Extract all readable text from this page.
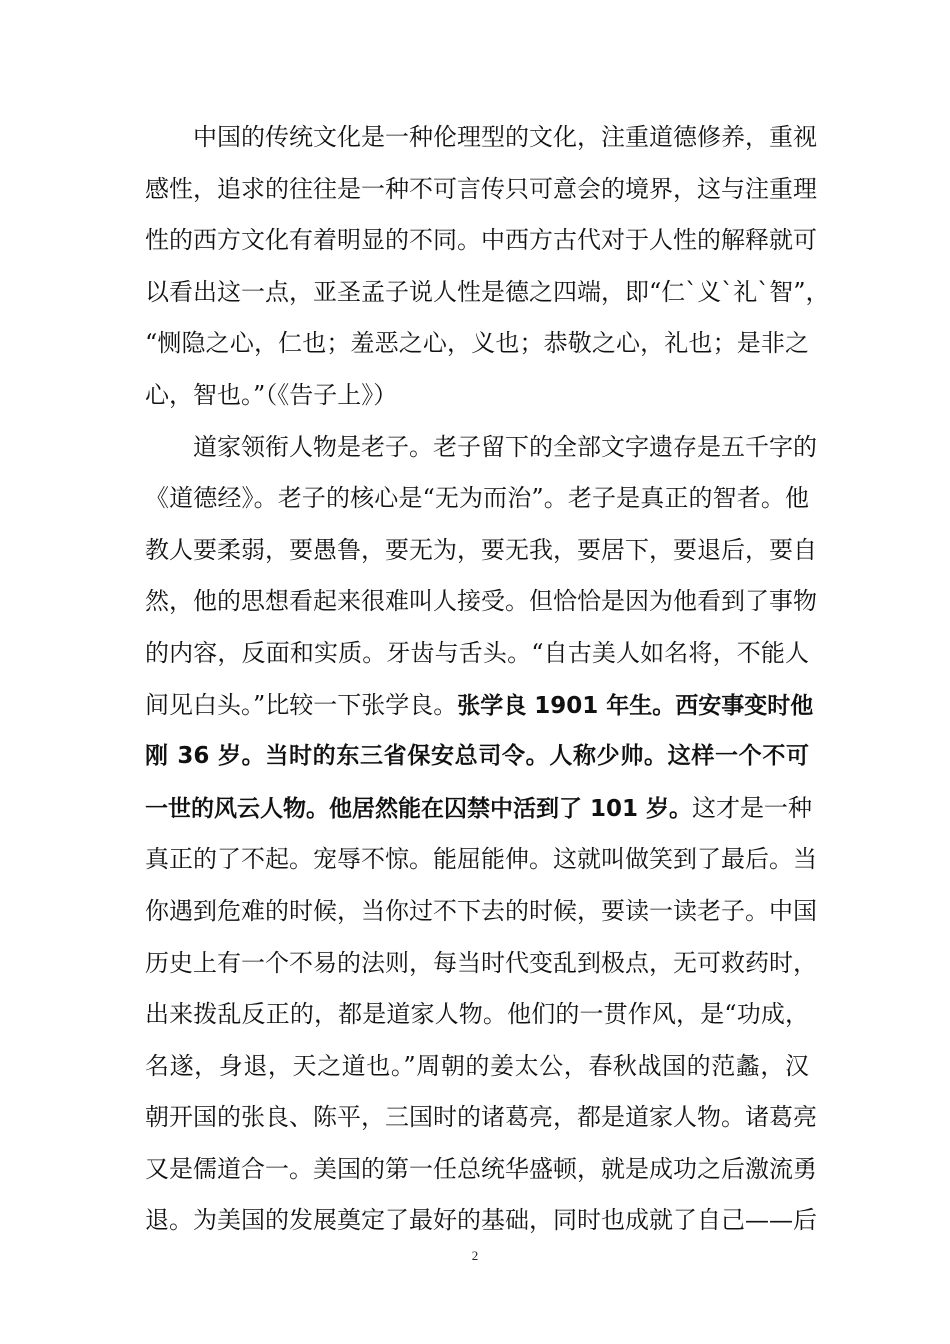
中国的传统文化是一种伦理型的文化，注重道德修养，重视
感性，追求的往往是一种不可言传只可意会的境界，这与注重理
性的西方文化有着明显的不同。中西方古代对于人性的解释就可
以看出这一点，亚圣孟子说人性是德之四端，即“仁`义`礼`智”，
“恻隐之心，仁也；羞恶之心，义也；恭敬之心，礼也；是非之
心，智也。”（《告子上》）
道家领衔人物是老子。老子留下的全部文字遗存是五千字的
《道德经》。老子的核心是“无为而治”。老子是真正的智者。他
教人要柔弱，要愚鲁，要无为，要无我，要居下，要退后，要自
然，他的思想看起来很难叫人接受。但恰恰是因为他看到了事物
的内容，反面和实质。牙齿与舌头。“自古美人如名将，不能人
间见白头。”比较一下张学良。张学良 1901 年生。西安事变时他
刚 36 岁。当时的东三省保安总司令。人称少帅。这样一个不可
一世的风云人物。他居然能在囚禁中活到了 101 岁。这才是一种
真正的了不起。宠辱不惊。能屈能伸。这就叫做笑到了最后。当
你遇到危难的时候，当你过不下去的时候，要读一读老子。中国
历史上有一个不易的法则，每当时代变乱到极点，无可救药时，
出来拨乱反正的，都是道家人物。他们的一贯作风，是“功成，
名遂，身退，天之道也。”周朝的姜太公，春秋战国的范蠡，汉
朝开国的张良、陈平，三国时的诸葛亮，都是道家人物。诸葛亮
又是儒道合一。美国的第一任总统华盛顿，就是成功之后激流勇
退。为美国的发展奠定了最好的基础，同时也成就了自己——后
2
